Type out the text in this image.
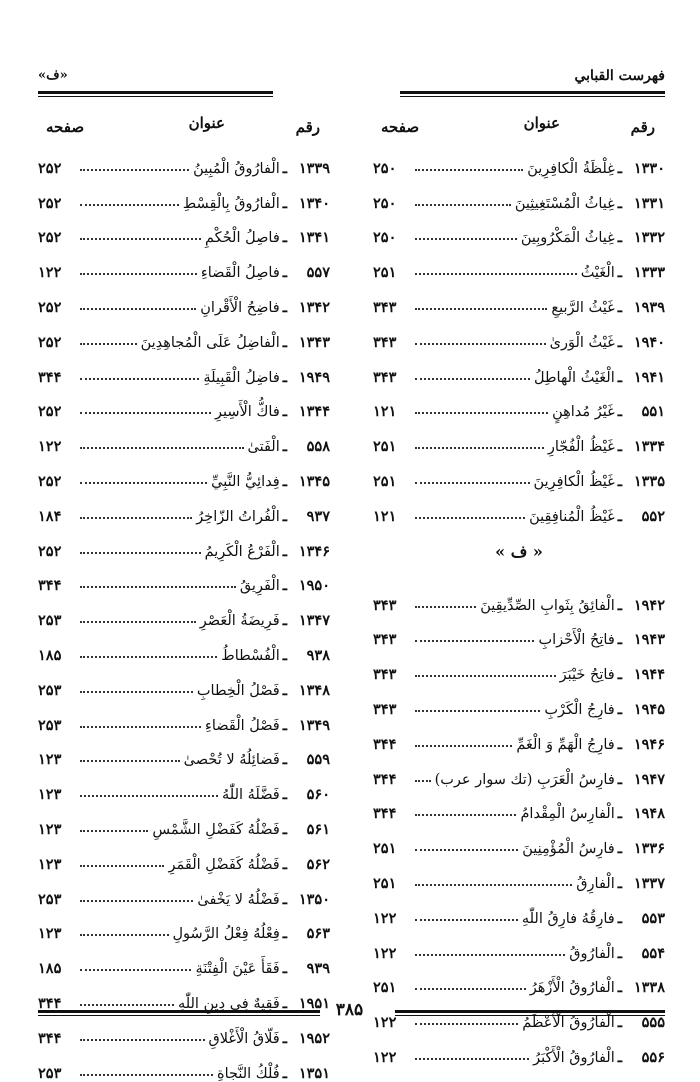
فهرست القبابي
«ف»
رقم
عنوان
صفحه
۱۳۳۰
ـ
غِلْظَةُ الْكافِرِينَ
۲۵۰
۱۳۳۱
ـ
غِياثُ الْمُسْتَغِيثِينَ
۲۵۰
۱۳۳۲
ـ
غِياثُ الْمَكْرُوبِينَ
۲۵۰
۱۳۳۳
ـ
الْغَيْثُ
۲۵۱
۱۹۳۹
ـ
غَيْثُ الرَّبيعِ
۳۴۳
۱۹۴۰
ـ
غَيْثُ الْوَرىٰ
۳۴۳
۱۹۴۱
ـ
الْغَيْثُ الْهاطِلُ
۳۴۳
۵۵۱
ـ
غَيْرُ مُداهِنٍ
۱۲۱
۱۳۳۴
ـ
غَيْظُ الْفُجّارِ
۲۵۱
۱۳۳۵
ـ
غَيْظُ الْكافِرِينَ
۲۵۱
۵۵۲
ـ
غَيْظُ الْمُنافِقِينَ
۱۲۱
« ف »
۱۹۴۲
ـ
الْفائِقُ بِثَوابِ الصِّدِّيقِينَ
۳۴۳
۱۹۴۳
ـ
فاتِحُ الْأَحْزابِ
۳۴۳
۱۹۴۴
ـ
فاتِحُ خَيْبَرَ
۳۴۳
۱۹۴۵
ـ
فارِجُ الْكَرْبِ
۳۴۳
۱۹۴۶
ـ
فارِجُ الْهَمِّ وَ الْغَمِّ
۳۴۴
۱۹۴۷
ـ
فارِسُ الْعَرَبِ (تك سوار عرب)
۳۴۴
۱۹۴۸
ـ
الْفارِسُ الْمِقْدامُ
۳۴۴
۱۳۳۶
ـ
فارِسُ الْمُؤْمِنِينَ
۲۵۱
۱۳۳۷
ـ
الْفارِقُ
۲۵۱
۵۵۳
ـ
فارِقُهُ فارِقُ اللّٰهِ
۱۲۲
۵۵۴
ـ
الْفارُوقُ
۱۲۲
۱۳۳۸
ـ
الْفارُوقُ الْأَزْهَرُ
۲۵۱
۵۵۵
ـ
الْفارُوقُ الْأَعْظَمُ
۱۲۲
۵۵۶
ـ
الْفارُوقُ الْأَكْبَرُ
۱۲۲
رقم
عنوان
صفحه
۱۳۳۹
ـ
الْفارُوقُ الْمُبِينُ
۲۵۲
۱۳۴۰
ـ
الْفارُوقُ بِالْقِسْطِ
۲۵۲
۱۳۴۱
ـ
فاصِلُ الْحُكْمِ
۲۵۲
۵۵۷
ـ
فاصِلُ الْقَضاءِ
۱۲۲
۱۳۴۲
ـ
فاضِحُ الْأَقْرانِ
۲۵۲
۱۳۴۳
ـ
الْفاضِلُ عَلَى الْمُجاهِدِينَ
۲۵۲
۱۹۴۹
ـ
فاضِلُ الْقَبِيلَةِ
۳۴۴
۱۳۴۴
ـ
فاكُّ الْأَسِيرِ
۲۵۲
۵۵۸
ـ
الْفَتىٰ
۱۲۲
۱۳۴۵
ـ
فِدائِيُّ النَّبِيِّ
۲۵۲
۹۳۷
ـ
الْفُراتُ الزّاخِرُ
۱۸۴
۱۳۴۶
ـ
الْفَرْعُ الْكَرِيمُ
۲۵۲
۱۹۵۰
ـ
الْفَرِيقُ
۳۴۴
۱۳۴۷
ـ
فَرِيضَةُ الْعَصْرِ
۲۵۳
۹۳۸
ـ
الْفُسْطاطُ
۱۸۵
۱۳۴۸
ـ
فَصْلُ الْخِطابِ
۲۵۳
۱۳۴۹
ـ
فَصْلُ الْقَضاءِ
۲۵۳
۵۵۹
ـ
فَضائِلُهُ لا تُحْصىٰ
۱۲۳
۵۶۰
ـ
فَضَّلَهُ اللّٰهُ
۱۲۳
۵۶۱
ـ
فَضْلُهُ كَفَضْلِ الشَّمْسِ
۱۲۳
۵۶۲
ـ
فَضْلُهُ كَفَضْلِ الْقَمَرِ
۱۲۳
۱۳۵۰
ـ
فَضْلُهُ لا يَخْفىٰ
۲۵۳
۵۶۳
ـ
فِعْلُهُ فِعْلُ الرَّسُولِ
۱۲۳
۹۳۹
ـ
فَقَأَ عَيْنَ الْفِتْنَةِ
۱۸۵
۱۹۵۱
ـ
فَقِيهٌ فِي دِينِ اللّٰهِ
۳۴۴
۱۹۵۲
ـ
فَلّاقُ الْأَغْلاقِ
۳۴۴
۱۳۵۱
ـ
فُلْكُ النَّجاةِ
۲۵۳
۳۸۵
